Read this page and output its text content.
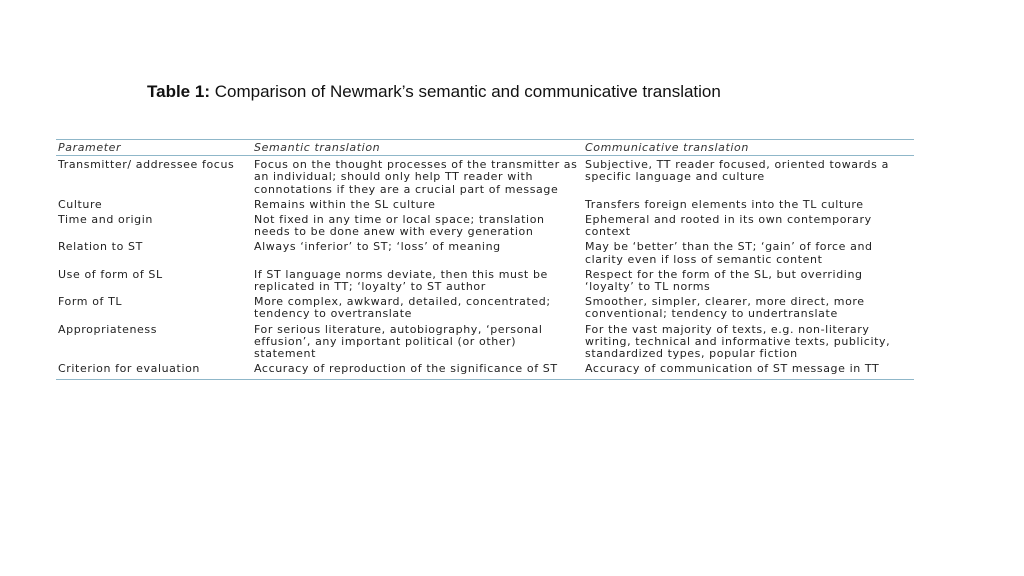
Table 1: Comparison of Newmark’s semantic and communicative translation
Parameter	Semantic translation	Communicative translation
Transmitter/ addressee focus	Focus on the thought processes of the transmitter as an individual; should only help TT reader with connotations if they are a crucial part of message	Subjective, TT reader focused, oriented towards a specific language and culture
Culture	Remains within the SL culture	Transfers foreign elements into the TL culture
Time and origin	Not fixed in any time or local space; translation needs to be done anew with every generation	Ephemeral and rooted in its own contemporary context
Relation to ST	Always ‘inferior’ to ST; ‘loss’ of meaning	May be ‘better’ than the ST; ‘gain’ of force and clarity even if loss of semantic content
Use of form of SL	If ST language norms deviate, then this must be replicated in TT; ‘loyalty’ to ST author	Respect for the form of the SL, but overriding ‘loyalty’ to TL norms
Form of TL	More complex, awkward, detailed, concentrated; tendency to overtranslate	Smoother, simpler, clearer, more direct, more conventional; tendency to undertranslate
Appropriateness	For serious literature, autobiography, ‘personal effusion’, any important political (or other) statement	For the vast majority of texts, e.g. non-literary writing, technical and informative texts, publicity, standardized types, popular fiction
Criterion for evaluation	Accuracy of reproduction of the significance of ST	Accuracy of communication of ST message in TT
